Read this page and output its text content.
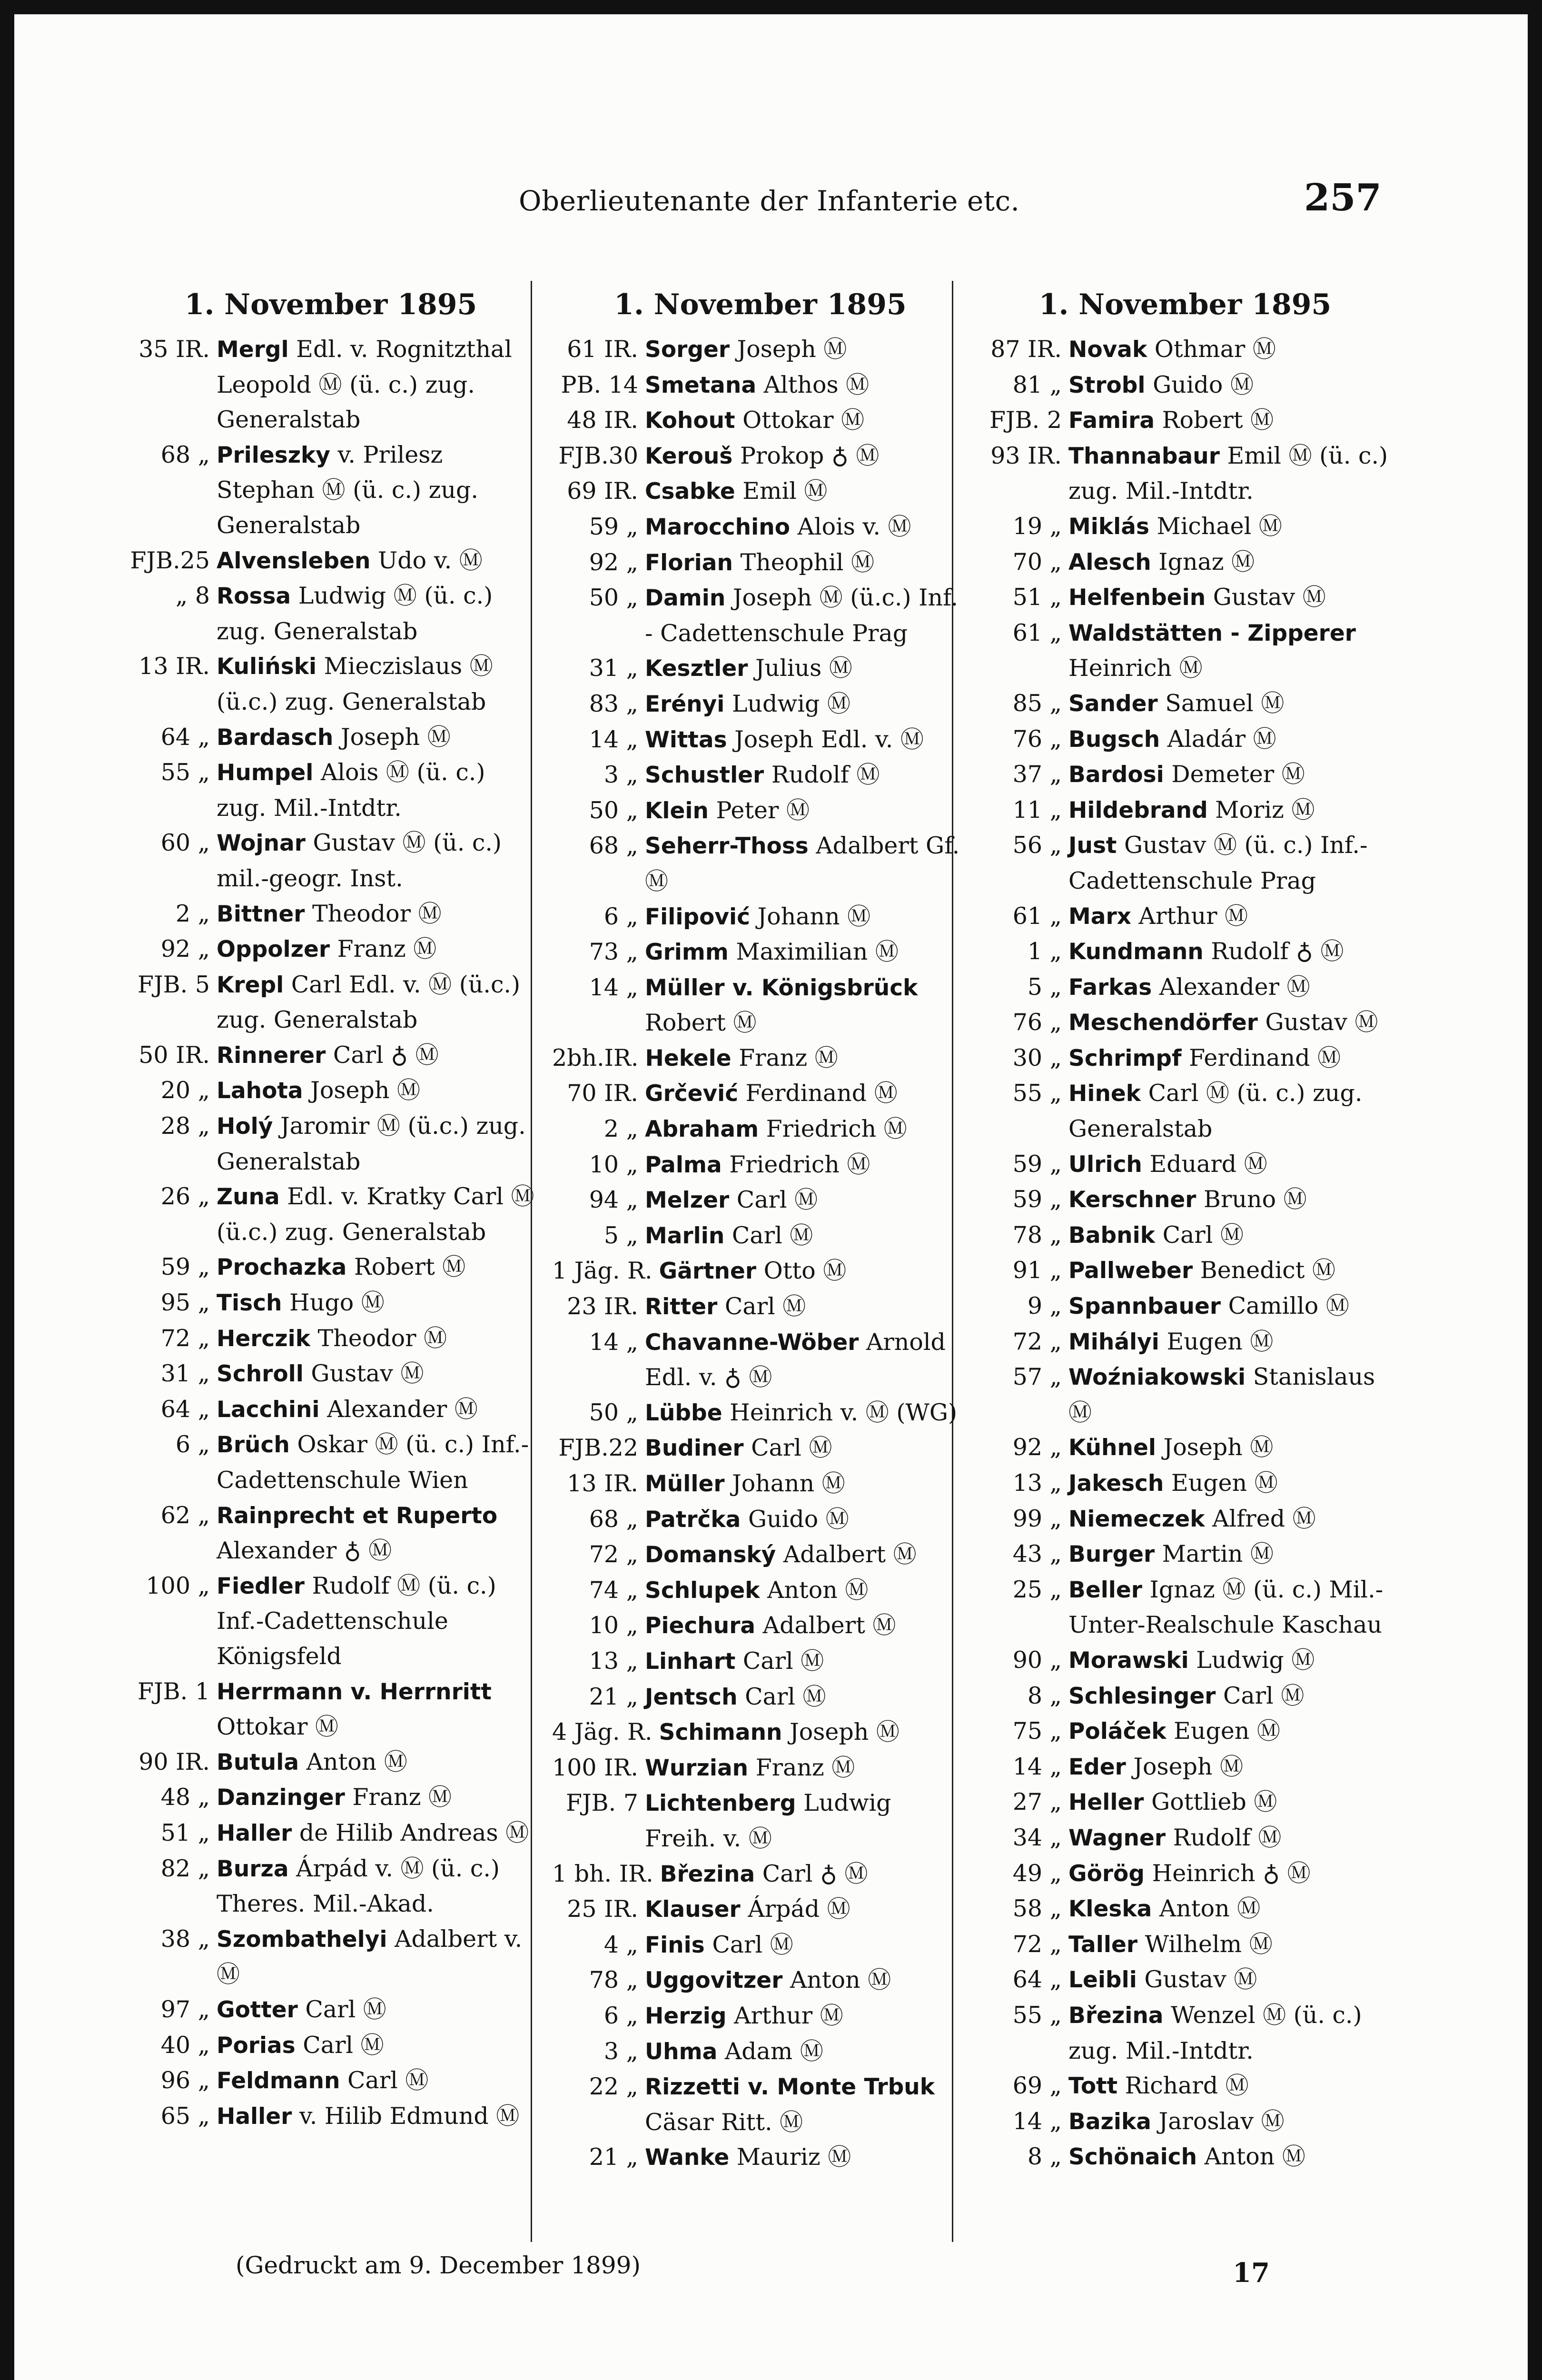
Oberlieutenante der Infanterie etc.	257
1. November 1895
35 IR. Mergl Edl. v. Rognitzthal Leopold Ⓜ (ü. c.) zug. Generalstab
68 „ Prileszky v. Prilesz Stephan Ⓜ (ü. c.) zug. Generalstab
FJB.25 Alvensleben Udo v. Ⓜ
„ 8 Rossa Ludwig Ⓜ (ü. c.) zug. Generalstab
13 IR. Kuliński Mieczislaus Ⓜ (ü.c.) zug. Generalstab
64 „ Bardasch Joseph Ⓜ
55 „ Humpel Alois Ⓜ (ü. c.) zug. Mil.-Intdtr.
60 „ Wojnar Gustav Ⓜ (ü. c.) mil.-geogr. Inst.
2 „ Bittner Theodor Ⓜ
92 „ Oppolzer Franz Ⓜ
FJB. 5 Krepl Carl Edl. v. Ⓜ (ü.c.) zug. Generalstab
50 IR. Rinnerer Carl ♁ Ⓜ
20 „ Lahota Joseph Ⓜ
28 „ Holý Jaromir Ⓜ (ü.c.) zug. Generalstab
26 „ Zuna Edl. v. Kratky Carl Ⓜ (ü.c.) zug. Generalstab
59 „ Prochazka Robert Ⓜ
95 „ Tisch Hugo Ⓜ
72 „ Herczik Theodor Ⓜ
31 „ Schroll Gustav Ⓜ
64 „ Lacchini Alexander Ⓜ
6 „ Brüch Oskar Ⓜ (ü. c.) Inf.-Cadettenschule Wien
62 „ Rainprecht et Ruperto Alexander ♁ Ⓜ
100 „ Fiedler Rudolf Ⓜ (ü. c.) Inf.-Cadettenschule Königsfeld
FJB. 1 Herrmann v. Herrnritt Ottokar Ⓜ
90 IR. Butula Anton Ⓜ
48 „ Danzinger Franz Ⓜ
51 „ Haller de Hilib Andreas Ⓜ
82 „ Burza Árpád v. Ⓜ (ü. c.) Theres. Mil.-Akad.
38 „ Szombathelyi Adalbert v. Ⓜ
97 „ Gotter Carl Ⓜ
40 „ Porias Carl Ⓜ
96 „ Feldmann Carl Ⓜ
65 „ Haller v. Hilib Edmund Ⓜ
1. November 1895
61 IR. Sorger Joseph Ⓜ
PB. 14 Smetana Althos Ⓜ
48 IR. Kohout Ottokar Ⓜ
FJB.30 Kerouš Prokop ♁ Ⓜ
69 IR. Csabke Emil Ⓜ
59 „ Marocchino Alois v. Ⓜ
92 „ Florian Theophil Ⓜ
50 „ Damin Joseph Ⓜ (ü.c.) Inf. - Cadettenschule Prag
31 „ Kesztler Julius Ⓜ
83 „ Erényi Ludwig Ⓜ
14 „ Wittas Joseph Edl. v. Ⓜ
3 „ Schustler Rudolf Ⓜ
50 „ Klein Peter Ⓜ
68 „ Seherr-Thoss Adalbert Gf. Ⓜ
6 „ Filipović Johann Ⓜ
73 „ Grimm Maximilian Ⓜ
14 „ Müller v. Königsbrück Robert Ⓜ
2bh.IR. Hekele Franz Ⓜ
70 IR. Grčević Ferdinand Ⓜ
2 „ Abraham Friedrich Ⓜ
10 „ Palma Friedrich Ⓜ
94 „ Melzer Carl Ⓜ
5 „ Marlin Carl Ⓜ
1 Jäg. R. Gärtner Otto Ⓜ
23 IR. Ritter Carl Ⓜ
14 „ Chavanne-Wöber Arnold Edl. v. ♁ Ⓜ
50 „ Lübbe Heinrich v. Ⓜ (WG)
FJB.22 Budiner Carl Ⓜ
13 IR. Müller Johann Ⓜ
68 „ Patrčka Guido Ⓜ
72 „ Domanský Adalbert Ⓜ
74 „ Schlupek Anton Ⓜ
10 „ Piechura Adalbert Ⓜ
13 „ Linhart Carl Ⓜ
21 „ Jentsch Carl Ⓜ
4 Jäg. R. Schimann Joseph Ⓜ
100 IR. Wurzian Franz Ⓜ
FJB. 7 Lichtenberg Ludwig Freih. v. Ⓜ
1 bh. IR. Březina Carl ♁ Ⓜ
25 IR. Klauser Árpád Ⓜ
4 „ Finis Carl Ⓜ
78 „ Uggovitzer Anton Ⓜ
6 „ Herzig Arthur Ⓜ
3 „ Uhma Adam Ⓜ
22 „ Rizzetti v. Monte Trbuk Cäsar Ritt. Ⓜ
21 „ Wanke Mauriz Ⓜ
1. November 1895
87 IR. Novak Othmar Ⓜ
81 „ Strobl Guido Ⓜ
FJB. 2 Famira Robert Ⓜ
93 IR. Thannabaur Emil Ⓜ (ü. c.) zug. Mil.-Intdtr.
19 „ Miklás Michael Ⓜ
70 „ Alesch Ignaz Ⓜ
51 „ Helfenbein Gustav Ⓜ
61 „ Waldstätten - Zipperer Heinrich Ⓜ
85 „ Sander Samuel Ⓜ
76 „ Bugsch Aladár Ⓜ
37 „ Bardosi Demeter Ⓜ
11 „ Hildebrand Moriz Ⓜ
56 „ Just Gustav Ⓜ (ü. c.) Inf.-Cadettenschule Prag
61 „ Marx Arthur Ⓜ
1 „ Kundmann Rudolf ♁ Ⓜ
5 „ Farkas Alexander Ⓜ
76 „ Meschendörfer Gustav Ⓜ
30 „ Schrimpf Ferdinand Ⓜ
55 „ Hinek Carl Ⓜ (ü. c.) zug. Generalstab
59 „ Ulrich Eduard Ⓜ
59 „ Kerschner Bruno Ⓜ
78 „ Babnik Carl Ⓜ
91 „ Pallweber Benedict Ⓜ
9 „ Spannbauer Camillo Ⓜ
72 „ Mihályi Eugen Ⓜ
57 „ Woźniakowski Stanislaus Ⓜ
92 „ Kühnel Joseph Ⓜ
13 „ Jakesch Eugen Ⓜ
99 „ Niemeczek Alfred Ⓜ
43 „ Burger Martin Ⓜ
25 „ Beller Ignaz Ⓜ (ü. c.) Mil.-Unter-Realschule Kaschau
90 „ Morawski Ludwig Ⓜ
8 „ Schlesinger Carl Ⓜ
75 „ Poláček Eugen Ⓜ
14 „ Eder Joseph Ⓜ
27 „ Heller Gottlieb Ⓜ
34 „ Wagner Rudolf Ⓜ
49 „ Görög Heinrich ♁ Ⓜ
58 „ Kleska Anton Ⓜ
72 „ Taller Wilhelm Ⓜ
64 „ Leibli Gustav Ⓜ
55 „ Březina Wenzel Ⓜ (ü. c.) zug. Mil.-Intdtr.
69 „ Tott Richard Ⓜ
14 „ Bazika Jaroslav Ⓜ
8 „ Schönaich Anton Ⓜ
(Gedruckt am 9. December 1899)	17
